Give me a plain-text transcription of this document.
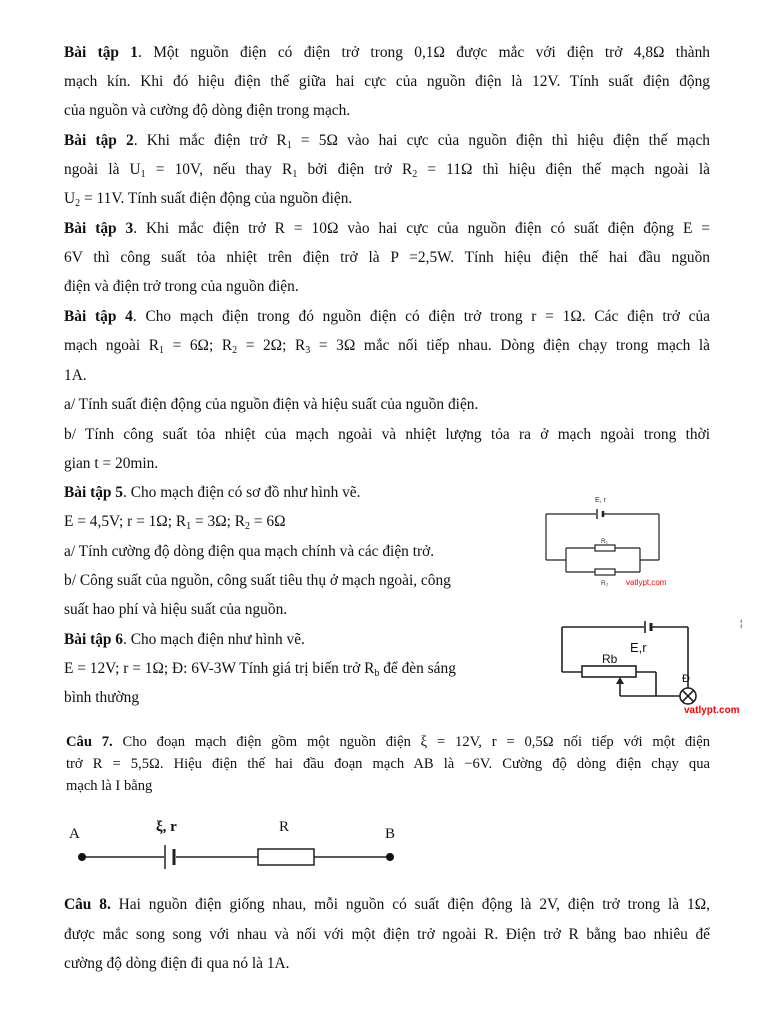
Bài tập 1. Một nguồn điện có điện trở trong 0,1Ω được mắc với điện trở 4,8Ω thành
mạch kín. Khi đó hiệu điện thế giữa hai cực của nguồn điện là 12V. Tính suất điện động
của nguồn và cường độ dòng điện trong mạch.
Bài tập 2. Khi mắc điện trở $R_1 = 5\Omega$ vào hai cực của nguồn điện thì hiệu điện thế mạch
ngoài là $U_1 = 10V$, nếu thay $R_1$ bởi điện trở $R_2 = 11\Omega$ thì hiệu điện thế mạch ngoài là
$U_2 = 11V$. Tính suất điện động của nguồn điện.
Bài tập 3. Khi mắc điện trở R = 10Ω vào hai cực của nguồn điện có suất điện động E =
6V thì công suất tỏa nhiệt trên điện trở là P =2,5W. Tính hiệu điện thế hai đầu nguồn
điện và điện trở trong của nguồn điện.
Bài tập 4. Cho mạch điện trong đó nguồn điện có điện trở trong r = 1Ω. Các điện trở của
mạch ngoài $R_1 = 6\Omega$; $R_2 = 2\Omega$; $R_3 = 3\Omega$ mắc nối tiếp nhau. Dòng điện chạy trong mạch là
1A.
a/ Tính suất điện động của nguồn điện và hiệu suất của nguồn điện.
b/ Tính công suất tỏa nhiệt của mạch ngoài và nhiệt lượng tỏa ra ở mạch ngoài trong thời
gian t = 20min.
Bài tập 5. Cho mạch điện có sơ đồ như hình vẽ.
E = 4,5V; r = 1Ω; $R_1 = 3\Omega$; $R_2 = 6\Omega$
a/ Tính cường độ dòng điện qua mạch chính và các điện trở.
b/ Công suất của nguồn, công suất tiêu thụ ở mạch ngoài, công
suất hao phí và hiệu suất của nguồn.
E, r
R₁
R₂ vatlypt.com
Bài tập 6. Cho mạch điện như hình vẽ.
E = 12V; r = 1Ω; Đ: 6V-3W Tính giá trị biến trở $R_b$ để đèn sáng
bình thường
E,r
Rb
Đ
vatlypt.com
¦
Câu 7. Cho đoạn mạch điện gồm một nguồn điện ξ = 12V, r = 0,5Ω nối tiếp với một điện
trở R = 5,5Ω. Hiệu điện thế hai đầu đoạn mạch AB là −6V. Cường độ dòng điện chạy qua
mạch là I bằng
A	B
ξ, r	R
Câu 8. Hai nguồn điện giống nhau, mỗi nguồn có suất điện động là 2V, điện trở trong là 1Ω,
được mắc song song với nhau và nối với một điện trở ngoài R. Điện trở R bằng bao nhiêu để
cường độ dòng điện đi qua nó là 1A.
